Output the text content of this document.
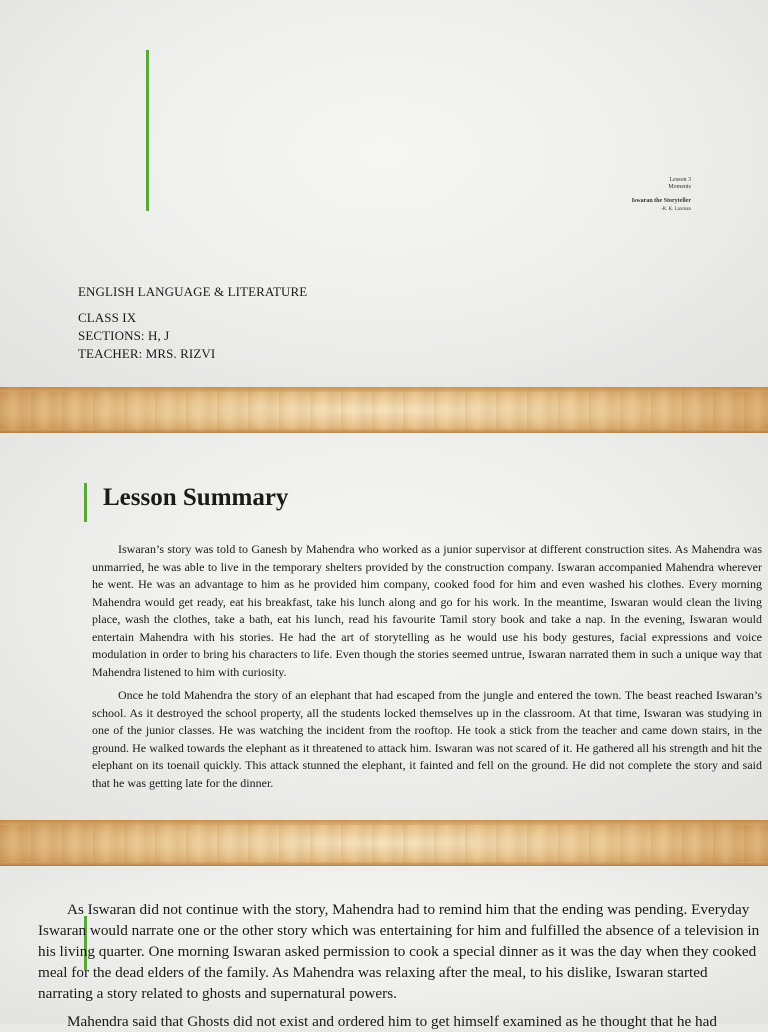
Lesson 3
Moments
Iswaran the Storyteller
-R. K. Laxman
ENGLISH LANGUAGE & LITERATURE
CLASS IX
SECTIONS: H, J
TEACHER: MRS. RIZVI
Lesson Summary

Iswaran’s story was told to Ganesh by Mahendra who worked as a junior supervisor at different construction sites. As Mahendra was unmarried, he was able to live in the temporary shelters provided by the construction company. Iswaran accompanied Mahendra wherever he went. He was an advantage to him as he provided him company, cooked food for him and even washed his clothes. Every morning Mahendra would get ready, eat his breakfast, take his lunch along and go for his work. In the meantime, Iswaran would clean the living place, wash the clothes, take a bath, eat his lunch, read his favourite Tamil story book and take a nap. In the evening, Iswaran would entertain Mahendra with his stories. He had the art of storytelling as he would use his body gestures, facial expressions and voice modulation in order to bring his characters to life. Even though the stories seemed untrue, Iswaran narrated them in such a unique way that Mahendra listened to him with curiosity.

Once he told Mahendra the story of an elephant that had escaped from the jungle and entered the town. The beast reached Iswaran’s school. As it destroyed the school property, all the students locked themselves up in the classroom. At that time, Iswaran was studying in one of the junior classes. He was watching the incident from the rooftop. He took a stick from the teacher and came down stairs, in the ground. He walked towards the elephant as it threatened to attack him. Iswaran was not scared of it. He gathered all his strength and hit the elephant on its toenail quickly. This attack stunned the elephant, it fainted and fell on the ground. He did not complete the story and said that he was getting late for the dinner.

As Iswaran did not continue with the story, Mahendra had to remind him that the ending was pending. Everyday Iswaran would narrate one or the other story which was entertaining for him and fulfilled the absence of a television in his living quarter. One morning Iswaran asked permission to cook a special dinner as it was the day when they cooked meal for the dead elders of the family. As Mahendra was relaxing after the meal, to his dislike, Iswaran started narrating a story related to ghosts and supernatural powers.

Mahendra said that Ghosts did not exist and ordered him to get himself examined as he thought that he had
